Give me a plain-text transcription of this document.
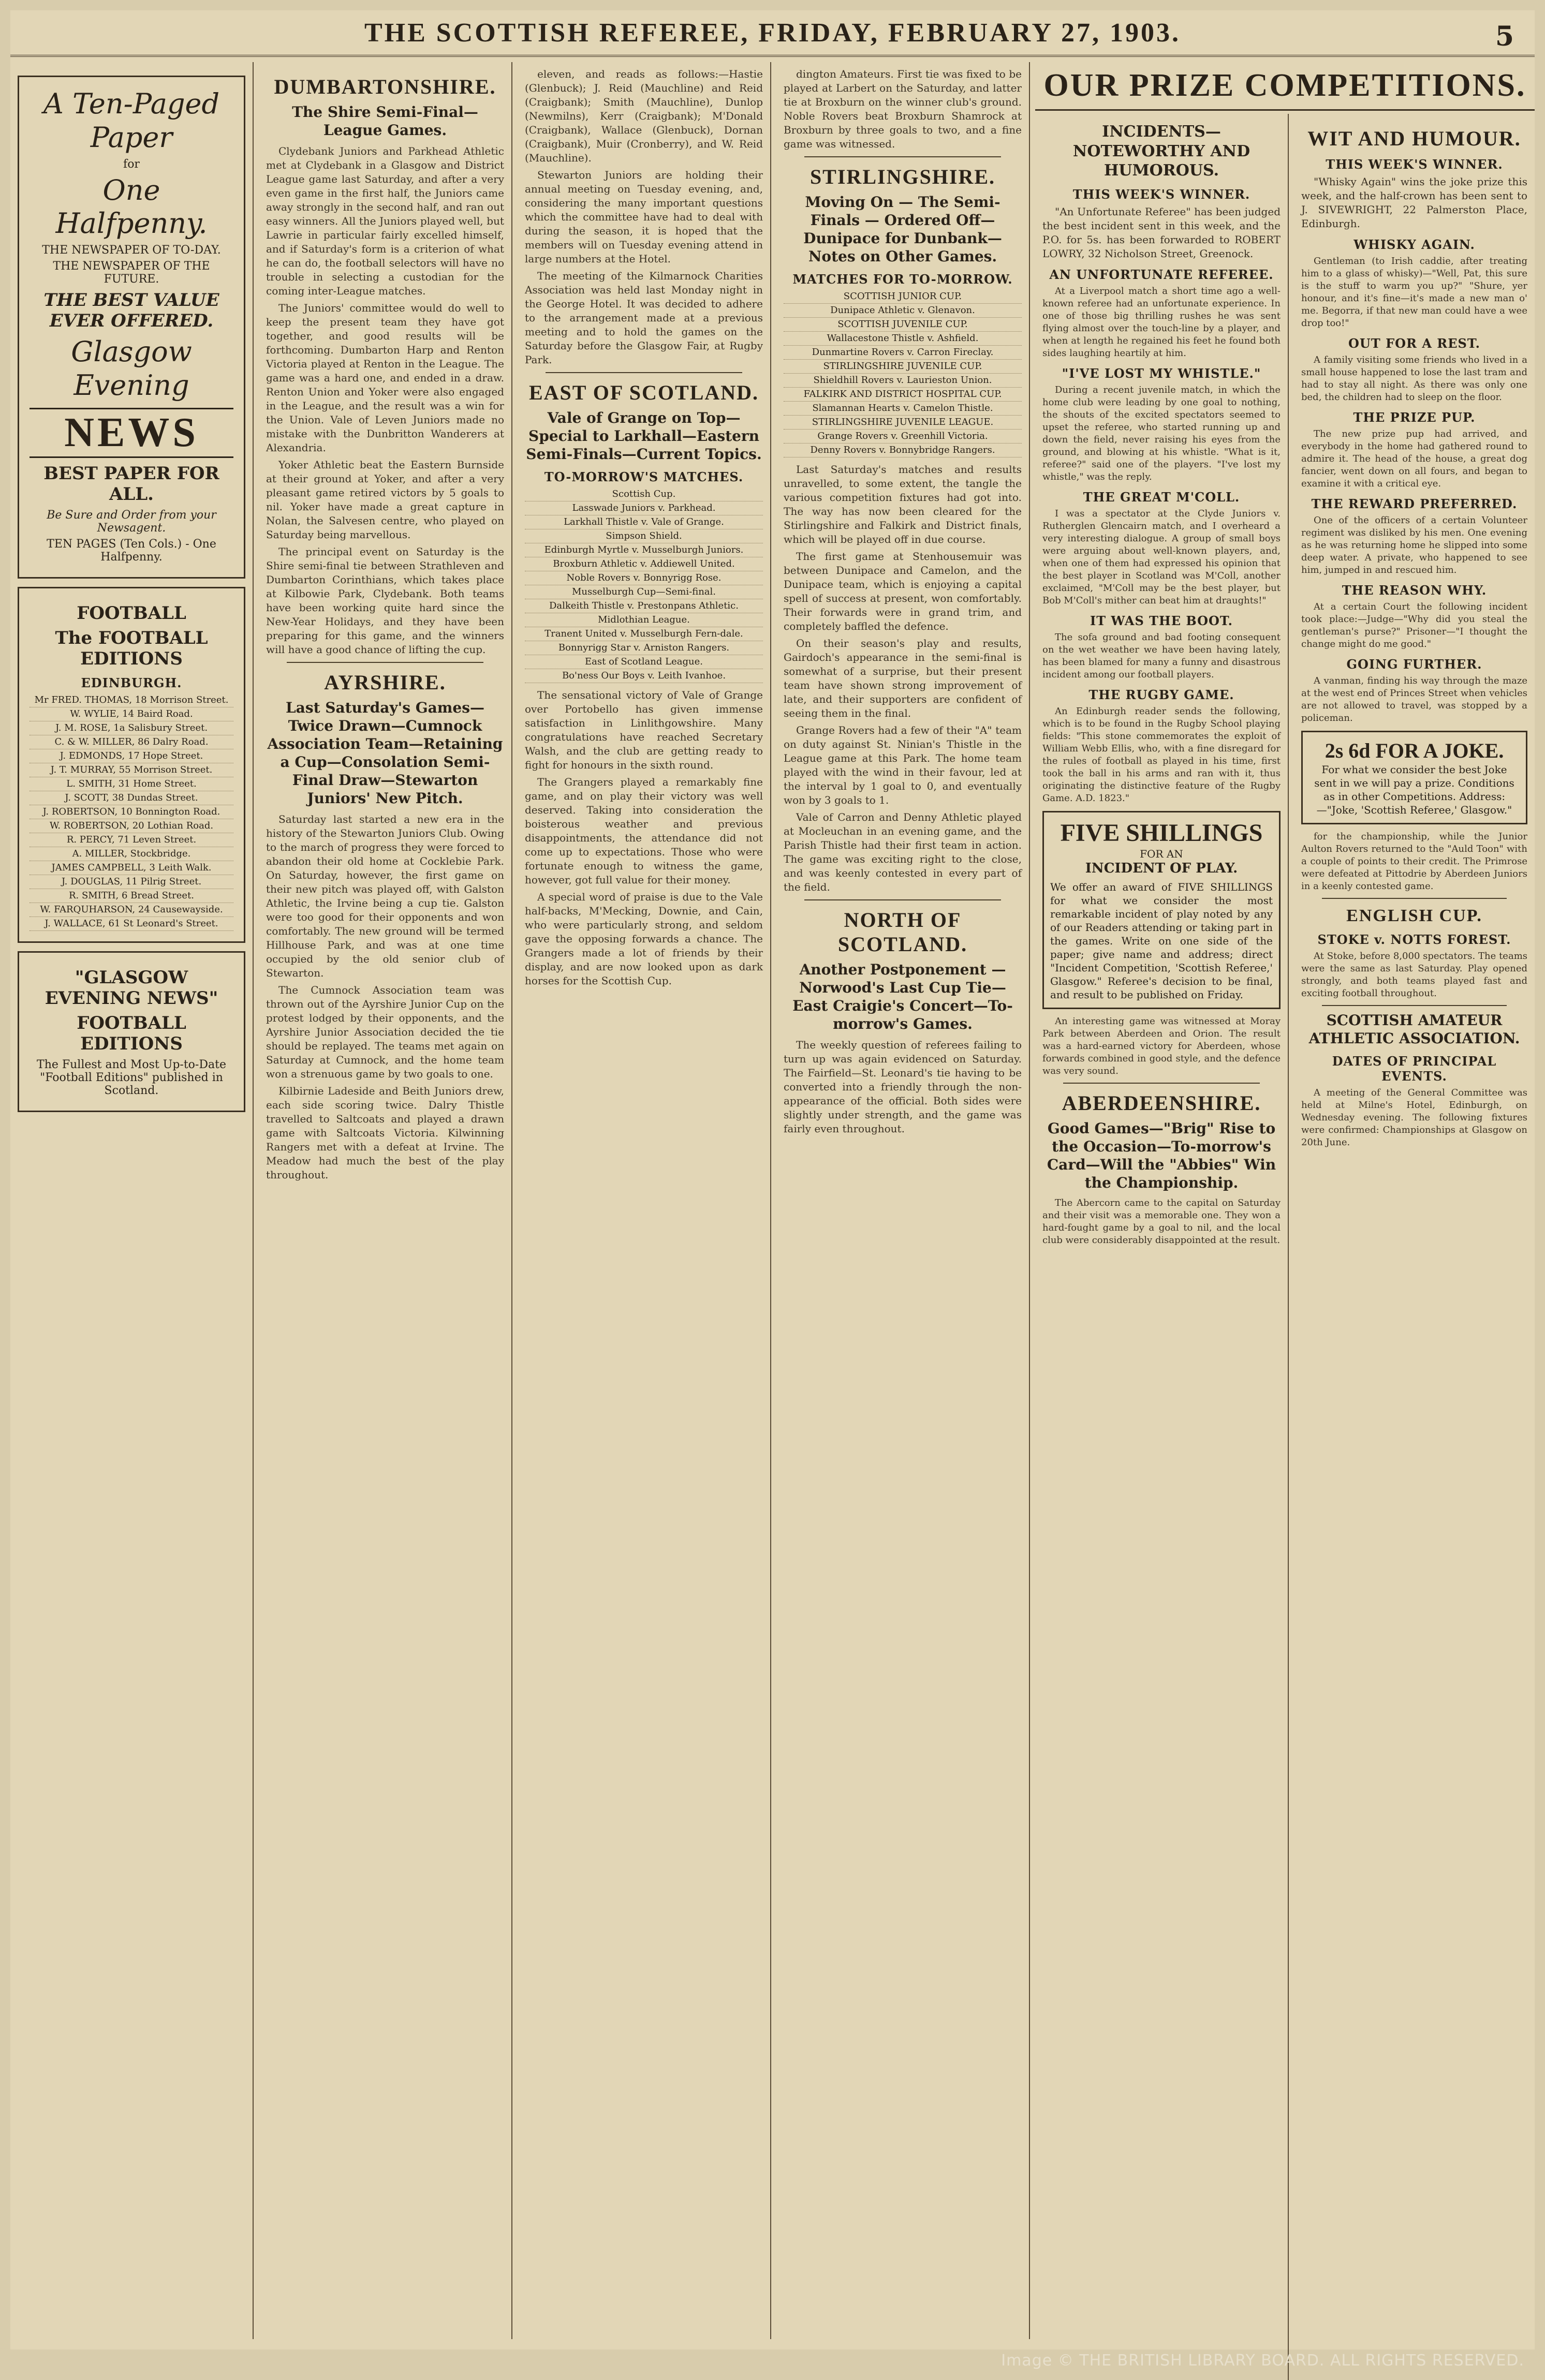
THE SCOTTISH REFEREE, FRIDAY, FEBRUARY 27, 1903.	5
A Ten-Paged Paper
for
One Halfpenny.
THE NEWSPAPER OF TO-DAY.
THE NEWSPAPER OF THE FUTURE.
THE BEST VALUE EVER OFFERED.
Glasgow Evening
NEWS
BEST PAPER FOR ALL.
Be Sure and Order from your Newsagent.
TEN PAGES (Ten Cols.) - One Halfpenny.
FOOTBALL
The FOOTBALL EDITIONS
EDINBURGH.
Mr FRED. THOMAS, 18 Morrison Street.
W. WYLIE, 14 Baird Road.
J. M. ROSE, 1a Salisbury Street.
C. & W. MILLER, 86 Dalry Road.
J. EDMONDS, 17 Hope Street.
J. T. MURRAY, 55 Morrison Street.
L. SMITH, 31 Home Street.
J. SCOTT, 38 Dundas Street.
J. ROBERTSON, 10 Bonnington Road.
W. ROBERTSON, 20 Lothian Road.
R. PERCY, 71 Leven Street.
A. MILLER, Stockbridge.
JAMES CAMPBELL, 3 Leith Walk.
J. DOUGLAS, 11 Pilrig Street.
R. SMITH, 6 Bread Street.
W. FARQUHARSON, 24 Causewayside.
J. WALLACE, 61 St Leonard's Street.
"GLASGOW EVENING NEWS"
FOOTBALL EDITIONS
The Fullest and Most Up-to-Date "Football Editions" published in Scotland.
DUMBARTONSHIRE.
The Shire Semi-Final—League Games.

Clydebank Juniors and Parkhead Athletic met at Clydebank in a Glasgow and District League game last Saturday, and after a very even game in the first half, the Juniors came away strongly in the second half, and ran out easy winners. All the Juniors played well, but Lawrie in particular fairly excelled himself, and if Saturday's form is a criterion of what he can do, the football selectors will have no trouble in selecting a custodian for the coming inter-League matches.

The Juniors' committee would do well to keep the present team they have got together, and good results will be forthcoming. Dumbarton Harp and Renton Victoria played at Renton in the League. The game was a hard one, and ended in a draw. Renton Union and Yoker were also engaged in the League, and the result was a win for the Union. Vale of Leven Juniors made no mistake with the Dunbritton Wanderers at Alexandria.

Yoker Athletic beat the Eastern Burnside at their ground at Yoker, and after a very pleasant game retired victors by 5 goals to nil. Yoker have made a great capture in Nolan, the Salvesen centre, who played on Saturday being marvellous.

The principal event on Saturday is the Shire semi-final tie between Strathleven and Dumbarton Corinthians, which takes place at Kilbowie Park, Clydebank. Both teams have been working quite hard since the New-Year Holidays, and they have been preparing for this game, and the winners will have a good chance of lifting the cup.

AYRSHIRE.
Last Saturday's Games—Twice Drawn—Cumnock Association Team—Retaining a Cup—Consolation Semi-Final Draw—Stewarton Juniors' New Pitch.

Saturday last started a new era in the history of the Stewarton Juniors Club. Owing to the march of progress they were forced to abandon their old home at Cocklebie Park. On Saturday, however, the first game on their new pitch was played off, with Galston Athletic, the Irvine being a cup tie. Galston were too good for their opponents and won comfortably. The new ground will be termed Hillhouse Park, and was at one time occupied by the old senior club of Stewarton.

The Cumnock Association team was thrown out of the Ayrshire Junior Cup on the protest lodged by their opponents, and the Ayrshire Junior Association decided the tie should be replayed. The teams met again on Saturday at Cumnock, and the home team won a strenuous game by two goals to one.

Kilbirnie Ladeside and Beith Juniors drew, each side scoring twice. Dalry Thistle travelled to Saltcoats and played a drawn game with Saltcoats Victoria. Kilwinning Rangers met with a defeat at Irvine. The Meadow had much the best of the play throughout.

eleven, and reads as follows:—Hastie (Glenbuck); J. Reid (Mauchline) and Reid (Craigbank); Smith (Mauchline), Dunlop (Newmilns), Kerr (Craigbank); M'Donald (Craigbank), Wallace (Glenbuck), Dornan (Craigbank), Muir (Cronberry), and W. Reid (Mauchline).

Stewarton Juniors are holding their annual meeting on Tuesday evening, and, considering the many important questions which the committee have had to deal with during the season, it is hoped that the members will on Tuesday evening attend in large numbers at the Hotel.

The meeting of the Kilmarnock Charities Association was held last Monday night in the George Hotel. It was decided to adhere to the arrangement made at a previous meeting and to hold the games on the Saturday before the Glasgow Fair, at Rugby Park.

EAST OF SCOTLAND.
Vale of Grange on Top—Special to Larkhall—Eastern Semi-Finals—Current Topics.
TO-MORROW'S MATCHES.
Scottish Cup.
Lasswade Juniors v. Parkhead.
Larkhall Thistle v. Vale of Grange.
Simpson Shield.
Edinburgh Myrtle v. Musselburgh Juniors.
Broxburn Athletic v. Addiewell United.
Noble Rovers v. Bonnyrigg Rose.
Musselburgh Cup—Semi-final.
Dalkeith Thistle v. Prestonpans Athletic.
Midlothian League.
Tranent United v. Musselburgh Fern-dale.
Bonnyrigg Star v. Arniston Rangers.
East of Scotland League.
Bo'ness Our Boys v. Leith Ivanhoe.

The sensational victory of Vale of Grange over Portobello has given immense satisfaction in Linlithgowshire. Many congratulations have reached Secretary Walsh, and the club are getting ready to fight for honours in the sixth round.

The Grangers played a remarkably fine game, and on play their victory was well deserved. Taking into consideration the boisterous weather and previous disappointments, the attendance did not come up to expectations. Those who were fortunate enough to witness the game, however, got full value for their money.

A special word of praise is due to the Vale half-backs, M'Mecking, Downie, and Cain, who were particularly strong, and seldom gave the opposing forwards a chance. The Grangers made a lot of friends by their display, and are now looked upon as dark horses for the Scottish Cup.

dington Amateurs. First tie was fixed to be played at Larbert on the Saturday, and latter tie at Broxburn on the winner club's ground. Noble Rovers beat Broxburn Shamrock at Broxburn by three goals to two, and a fine game was witnessed.

STIRLINGSHIRE.
Moving On — The Semi-Finals — Ordered Off—Dunipace for Dunbank—Notes on Other Games.
MATCHES FOR TO-MORROW.
SCOTTISH JUNIOR CUP.
Dunipace Athletic v. Glenavon.
SCOTTISH JUVENILE CUP.
Wallacestone Thistle v. Ashfield.
Dunmartine Rovers v. Carron Fireclay.
STIRLINGSHIRE JUVENILE CUP.
Shieldhill Rovers v. Laurieston Union.
FALKIRK AND DISTRICT HOSPITAL CUP.
Slamannan Hearts v. Camelon Thistle.
STIRLINGSHIRE JUVENILE LEAGUE.
Grange Rovers v. Greenhill Victoria.
Denny Rovers v. Bonnybridge Rangers.

Last Saturday's matches and results unravelled, to some extent, the tangle the various competition fixtures had got into. The way has now been cleared for the Stirlingshire and Falkirk and District finals, which will be played off in due course.

The first game at Stenhousemuir was between Dunipace and Camelon, and the Dunipace team, which is enjoying a capital spell of success at present, won comfortably. Their forwards were in grand trim, and completely baffled the defence.

On their season's play and results, Gairdoch's appearance in the semi-final is somewhat of a surprise, but their present team have shown strong improvement of late, and their supporters are confident of seeing them in the final.

Grange Rovers had a few of their "A" team on duty against St. Ninian's Thistle in the League game at this Park. The home team played with the wind in their favour, led at the interval by 1 goal to 0, and eventually won by 3 goals to 1.

Vale of Carron and Denny Athletic played at Mocleuchan in an evening game, and the Parish Thistle had their first team in action. The game was exciting right to the close, and was keenly contested in every part of the field.

NORTH OF SCOTLAND.
Another Postponement — Norwood's Last Cup Tie—East Craigie's Concert—To-morrow's Games.

The weekly question of referees failing to turn up was again evidenced on Saturday. The Fairfield—St. Leonard's tie having to be converted into a friendly through the non-appearance of the official. Both sides were slightly under strength, and the game was fairly even throughout.

OUR PRIZE COMPETITIONS.
INCIDENTS—NOTEWORTHY AND HUMOROUS.
THIS WEEK'S WINNER.

"An Unfortunate Referee" has been judged the best incident sent in this week, and the P.O. for 5s. has been forwarded to ROBERT LOWRY, 32 Nicholson Street, Greenock.

AN UNFORTUNATE REFEREE.

At a Liverpool match a short time ago a well-known referee had an unfortunate experience. In one of those big thrilling rushes he was sent flying almost over the touch-line by a player, and when at length he regained his feet he found both sides laughing heartily at him.

"I'VE LOST MY WHISTLE."

During a recent juvenile match, in which the home club were leading by one goal to nothing, the shouts of the excited spectators seemed to upset the referee, who started running up and down the field, never raising his eyes from the ground, and blowing at his whistle. "What is it, referee?" said one of the players. "I've lost my whistle," was the reply.

THE GREAT M'COLL.

I was a spectator at the Clyde Juniors v. Rutherglen Glencairn match, and I overheard a very interesting dialogue. A group of small boys were arguing about well-known players, and, when one of them had expressed his opinion that the best player in Scotland was M'Coll, another exclaimed, "M'Coll may be the best player, but Bob M'Coll's mither can beat him at draughts!"

IT WAS THE BOOT.

The sofa ground and bad footing consequent on the wet weather we have been having lately, has been blamed for many a funny and disastrous incident among our football players.

THE RUGBY GAME.

An Edinburgh reader sends the following, which is to be found in the Rugby School playing fields: "This stone commemorates the exploit of William Webb Ellis, who, with a fine disregard for the rules of football as played in his time, first took the ball in his arms and ran with it, thus originating the distinctive feature of the Rugby Game. A.D. 1823."

FIVE SHILLINGS
FOR AN
INCIDENT OF PLAY.
We offer an award of FIVE SHILLINGS for what we consider the most remarkable incident of play noted by any of our Readers attending or taking part in the games. Write on one side of the paper; give name and address; direct "Incident Competition, 'Scottish Referee,' Glasgow." Referee's decision to be final, and result to be published on Friday.

An interesting game was witnessed at Moray Park between Aberdeen and Orion. The result was a hard-earned victory for Aberdeen, whose forwards combined in good style, and the defence was very sound.

ABERDEENSHIRE.
Good Games—"Brig" Rise to the Occasion—To-morrow's Card—Will the "Abbies" Win the Championship.

The Abercorn came to the capital on Saturday and their visit was a memorable one. They won a hard-fought game by a goal to nil, and the local club were considerably disappointed at the result.

WIT AND HUMOUR.
THIS WEEK'S WINNER.

"Whisky Again" wins the joke prize this week, and the half-crown has been sent to J. SIVEWRIGHT, 22 Palmerston Place, Edinburgh.

WHISKY AGAIN.

Gentleman (to Irish caddie, after treating him to a glass of whisky)—"Well, Pat, this sure is the stuff to warm you up?" "Shure, yer honour, and it's fine—it's made a new man o' me. Begorra, if that new man could have a wee drop too!"

OUT FOR A REST.

A family visiting some friends who lived in a small house happened to lose the last tram and had to stay all night. As there was only one bed, the children had to sleep on the floor.

THE PRIZE PUP.

The new prize pup had arrived, and everybody in the home had gathered round to admire it. The head of the house, a great dog fancier, went down on all fours, and began to examine it with a critical eye.

THE REWARD PREFERRED.

One of the officers of a certain Volunteer regiment was disliked by his men. One evening as he was returning home he slipped into some deep water. A private, who happened to see him, jumped in and rescued him.

THE REASON WHY.

At a certain Court the following incident took place:—Judge—"Why did you steal the gentleman's purse?" Prisoner—"I thought the change might do me good."

GOING FURTHER.

A vanman, finding his way through the maze at the west end of Princes Street when vehicles are not allowed to travel, was stopped by a policeman.

2s 6d FOR A JOKE.
For what we consider the best Joke sent in we will pay a prize. Conditions as in other Competitions. Address:—"Joke, 'Scottish Referee,' Glasgow."

for the championship, while the Junior Aulton Rovers returned to the "Auld Toon" with a couple of points to their credit. The Primrose were defeated at Pittodrie by Aberdeen Juniors in a keenly contested game.

ENGLISH CUP.
STOKE v. NOTTS FOREST.

At Stoke, before 8,000 spectators. The teams were the same as last Saturday. Play opened strongly, and both teams played fast and exciting football throughout.

SCOTTISH AMATEUR ATHLETIC ASSOCIATION.
DATES OF PRINCIPAL EVENTS.

A meeting of the General Committee was held at Milne's Hotel, Edinburgh, on Wednesday evening. The following fixtures were confirmed: Championships at Glasgow on 20th June.

Image © THE BRITISH LIBRARY BOARD. ALL RIGHTS RESERVED.
